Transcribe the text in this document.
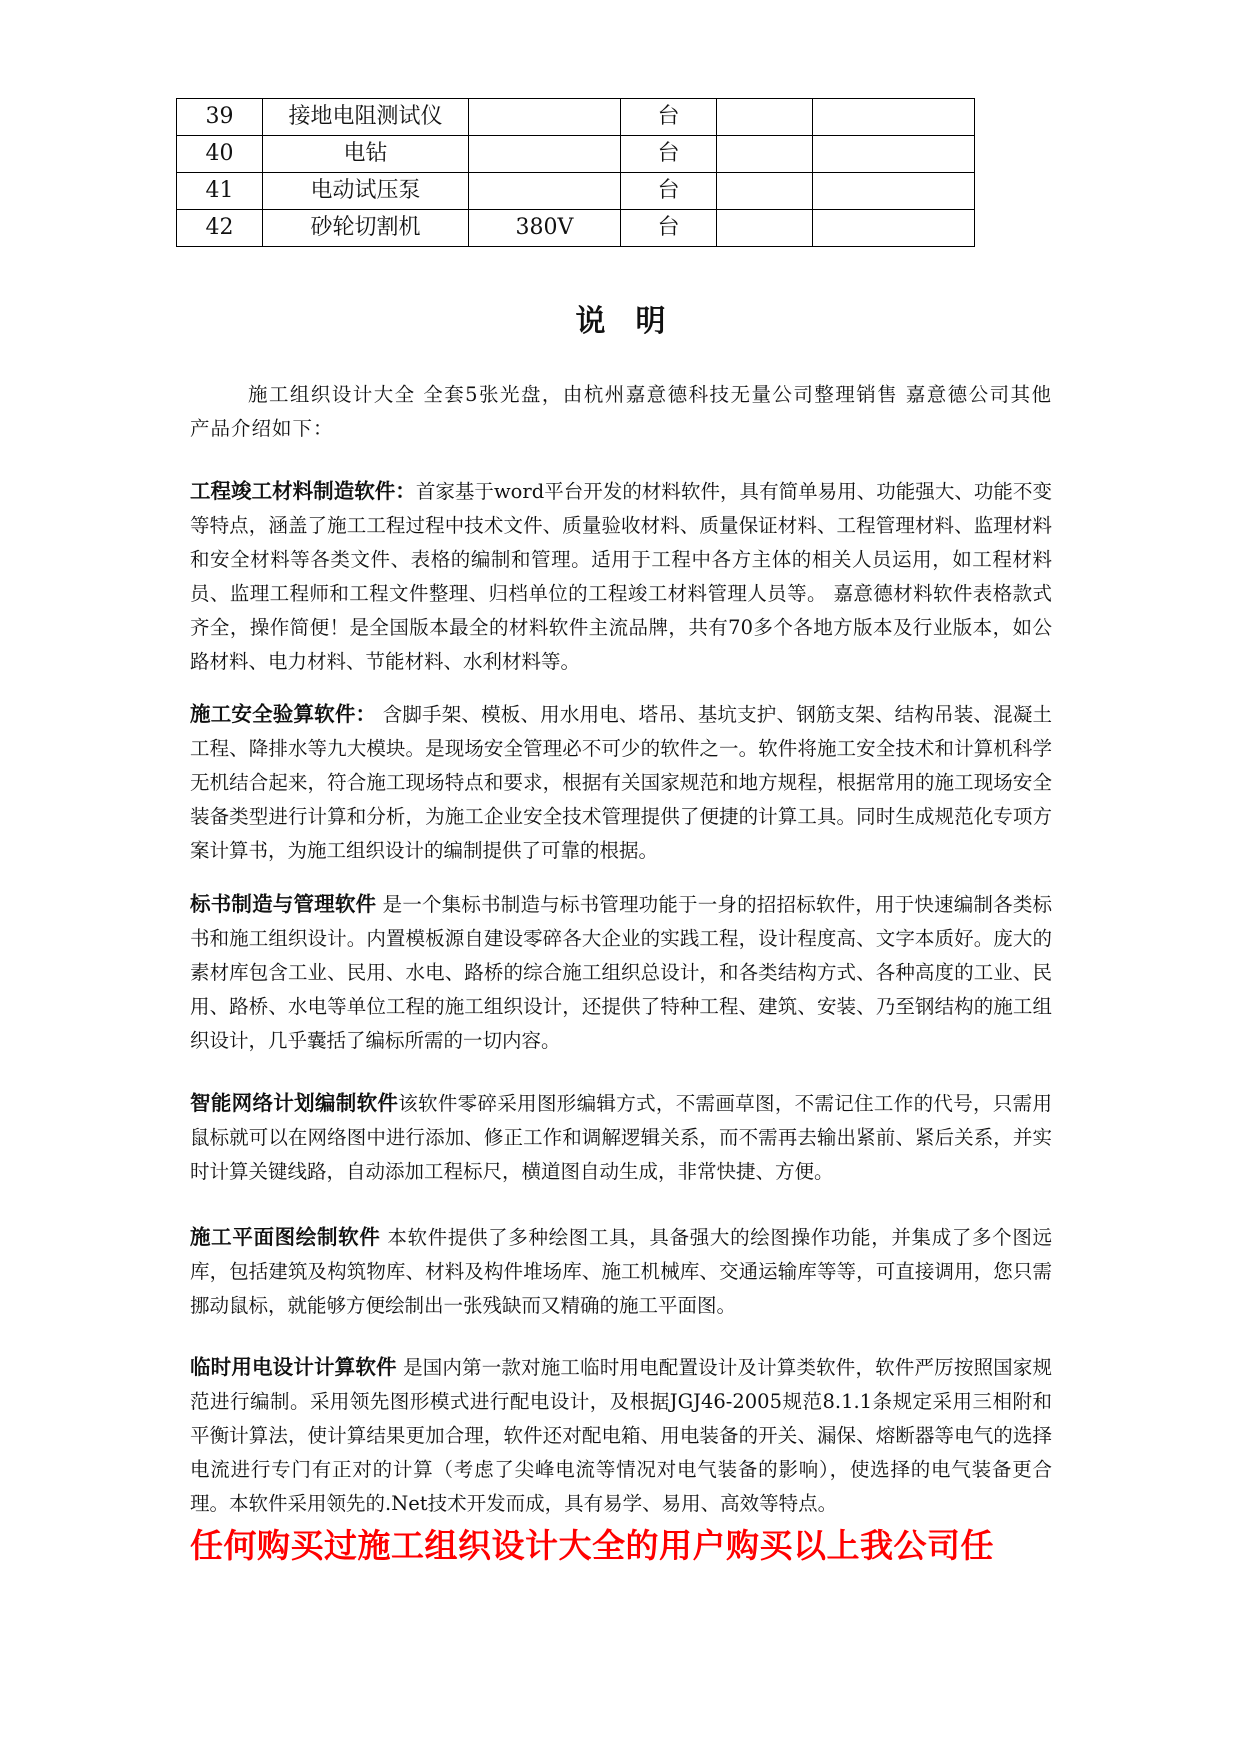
39	接地电阻测试仪		台		
40	电钻		台		
41	电动试压泵		台		
42	砂轮切割机	380V	台		
说明

施工组织设计大全 全套5张光盘，由杭州嘉意德科技无量公司整理销售 嘉意德公司其他产品介绍如下：

工程竣工材料制造软件：首家基于word平台开发的材料软件，具有简单易用、功能强大、功能不变等特点，涵盖了施工工程过程中技术文件、质量验收材料、质量保证材料、工程管理材料、监理材料和安全材料等各类文件、表格的编制和管理。适用于工程中各方主体的相关人员运用，如工程材料员、监理工程师和工程文件整理、归档单位的工程竣工材料管理人员等。 嘉意德材料软件表格款式齐全，操作简便！是全国版本最全的材料软件主流品牌，共有70多个各地方版本及行业版本，如公路材料、电力材料、节能材料、水利材料等。

施工安全验算软件： 含脚手架、模板、用水用电、塔吊、基坑支护、钢筋支架、结构吊装、混凝土工程、降排水等九大模块。是现场安全管理必不可少的软件之一。软件将施工安全技术和计算机科学无机结合起来，符合施工现场特点和要求，根据有关国家规范和地方规程，根据常用的施工现场安全装备类型进行计算和分析，为施工企业安全技术管理提供了便捷的计算工具。同时生成规范化专项方案计算书，为施工组织设计的编制提供了可靠的根据。

标书制造与管理软件 是一个集标书制造与标书管理功能于一身的招招标软件，用于快速编制各类标书和施工组织设计。内置模板源自建设零碎各大企业的实践工程，设计程度高、文字本质好。庞大的素材库包含工业、民用、水电、路桥的综合施工组织总设计，和各类结构方式、各种高度的工业、民用、路桥、水电等单位工程的施工组织设计，还提供了特种工程、建筑、安装、乃至钢结构的施工组织设计，几乎囊括了编标所需的一切内容。

智能网络计划编制软件该软件零碎采用图形编辑方式，不需画草图，不需记住工作的代号，只需用鼠标就可以在网络图中进行添加、修正工作和调解逻辑关系，而不需再去输出紧前、紧后关系，并实时计算关键线路，自动添加工程标尺，横道图自动生成，非常快捷、方便。

施工平面图绘制软件 本软件提供了多种绘图工具，具备强大的绘图操作功能，并集成了多个图远库，包括建筑及构筑物库、材料及构件堆场库、施工机械库、交通运输库等等，可直接调用，您只需挪动鼠标，就能够方便绘制出一张残缺而又精确的施工平面图。

临时用电设计计算软件 是国内第一款对施工临时用电配置设计及计算类软件，软件严厉按照国家规范进行编制。采用领先图形模式进行配电设计，及根据JGJ46-2005规范8.1.1条规定采用三相附和平衡计算法，使计算结果更加合理，软件还对配电箱、用电装备的开关、漏保、熔断器等电气的选择电流进行专门有正对的计算（考虑了尖峰电流等情况对电气装备的影响），使选择的电气装备更合理。本软件采用领先的.Net技术开发而成，具有易学、易用、高效等特点。

任何购买过施工组织设计大全的用户购买以上我公司任
